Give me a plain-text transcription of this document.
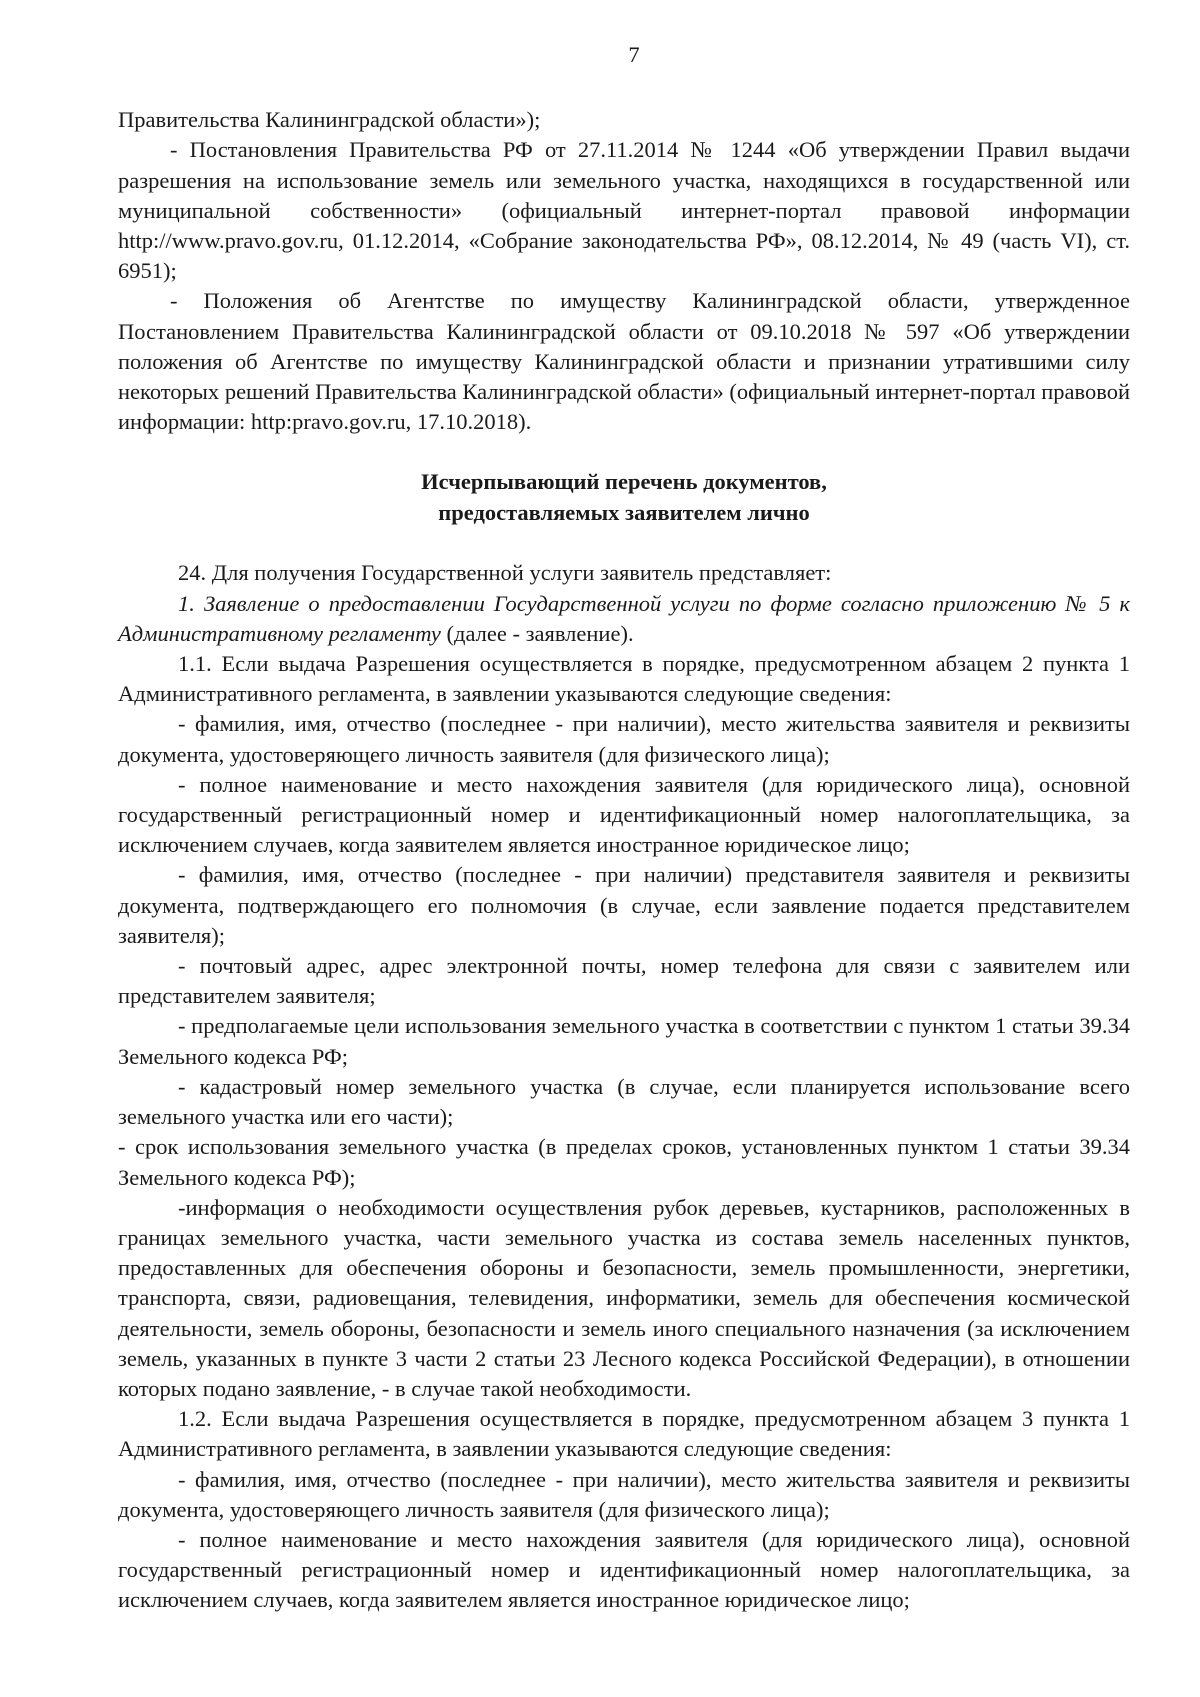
7

Правительства Калининградской области»);

- Постановления Правительства РФ от 27.11.2014 № 1244 «Об утверждении Правил выдачи разрешения на использование земель или земельного участка, находящихся в государственной или муниципальной собственности» (официальный интернет-портал правовой информации http://www.pravo.gov.ru, 01.12.2014, «Собрание законодательства РФ», 08.12.2014, № 49 (часть VI), ст. 6951);

- Положения об Агентстве по имуществу Калининградской области, утвержденное Постановлением Правительства Калининградской области от 09.10.2018 № 597 «Об утверждении положения об Агентстве по имуществу Калининградской области и признании утратившими силу некоторых решений Правительства Калининградской области» (официальный интернет-портал правовой информации: http:pravo.gov.ru, 17.10.2018).

Исчерпывающий перечень документов,
предоставляемых заявителем лично

24. Для получения Государственной услуги заявитель представляет:

1. Заявление о предоставлении Государственной услуги по форме согласно приложению № 5 к Административному регламенту (далее - заявление).

1.1. Если выдача Разрешения осуществляется в порядке, предусмотренном абзацем 2 пункта 1 Административного регламента, в заявлении указываются следующие сведения:

- фамилия, имя, отчество (последнее - при наличии), место жительства заявителя и реквизиты документа, удостоверяющего личность заявителя (для физического лица);

- полное наименование и место нахождения заявителя (для юридического лица), основной государственный регистрационный номер и идентификационный номер налогоплательщика, за исключением случаев, когда заявителем является иностранное юридическое лицо;

- фамилия, имя, отчество (последнее - при наличии) представителя заявителя и реквизиты документа, подтверждающего его полномочия (в случае, если заявление подается представителем заявителя);

- почтовый адрес, адрес электронной почты, номер телефона для связи с заявителем или представителем заявителя;

- предполагаемые цели использования земельного участка в соответствии с пунктом 1 статьи 39.34 Земельного кодекса РФ;

- кадастровый номер земельного участка (в случае, если планируется использование всего земельного участка или его части);

- срок использования земельного участка (в пределах сроков, установленных пунктом 1 статьи 39.34 Земельного кодекса РФ);

-информация о необходимости осуществления рубок деревьев, кустарников, расположенных в границах земельного участка, части земельного участка из состава земель населенных пунктов, предоставленных для обеспечения обороны и безопасности, земель промышленности, энергетики, транспорта, связи, радиовещания, телевидения, информатики, земель для обеспечения космической деятельности, земель обороны, безопасности и земель иного специального назначения (за исключением земель, указанных в пункте 3 части 2 статьи 23 Лесного кодекса Российской Федерации), в отношении которых подано заявление, - в случае такой необходимости.

1.2. Если выдача Разрешения осуществляется в порядке, предусмотренном абзацем 3 пункта 1 Административного регламента, в заявлении указываются следующие сведения:

- фамилия, имя, отчество (последнее - при наличии), место жительства заявителя и реквизиты документа, удостоверяющего личность заявителя (для физического лица);

- полное наименование и место нахождения заявителя (для юридического лица), основной государственный регистрационный номер и идентификационный номер налогоплательщика, за исключением случаев, когда заявителем является иностранное юридическое лицо;
